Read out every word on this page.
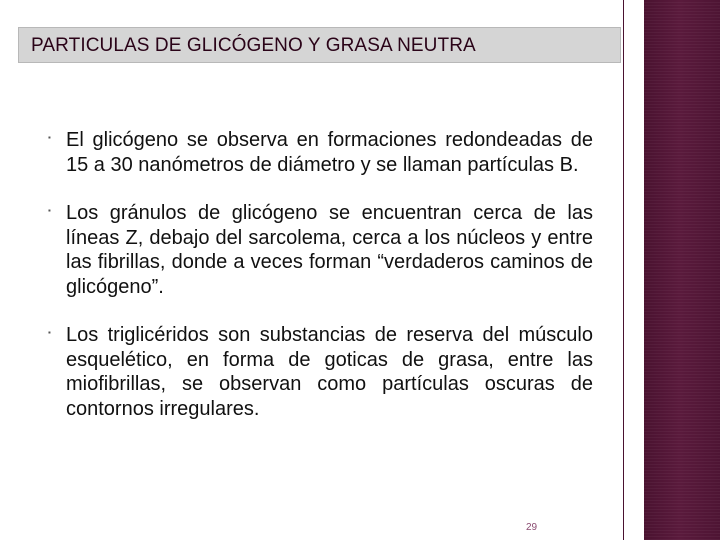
PARTICULAS DE GLICÓGENO Y GRASA NEUTRA
▪ El glicógeno se observa en formaciones redondeadas de 15 a 30 nanómetros de diámetro y se llaman partículas B.
▪ Los gránulos de glicógeno se encuentran cerca de las líneas Z, debajo del sarcolema, cerca a los núcleos y entre las fibrillas, donde a veces forman “verdaderos caminos de glicógeno”.
▪ Los triglicéridos son substancias de reserva del músculo esquelético, en forma de goticas de grasa, entre las miofibrillas, se observan como partículas oscuras de contornos irregulares.
29
